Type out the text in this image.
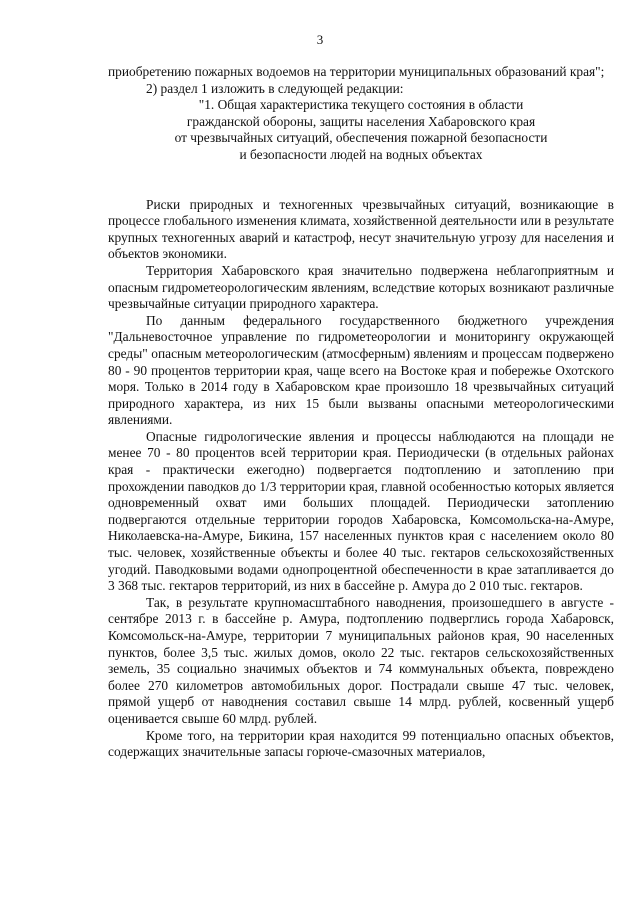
3

приобретению пожарных водоемов на территории муниципальных образований края";

2) раздел 1 изложить в следующей редакции:

"1. Общая характеристика текущего состояния в области
гражданской обороны, защиты населения Хабаровского края
от чрезвычайных ситуаций, обеспечения пожарной безопасности
и безопасности людей на водных объектах

Риски природных и техногенных чрезвычайных ситуаций, возникающие в процессе глобального изменения климата, хозяйственной деятельности или в результате крупных техногенных аварий и катастроф, несут значительную угрозу для населения и объектов экономики.

Территория Хабаровского края значительно подвержена неблагоприятным и опасным гидрометеорологическим явлениям, вследствие которых возникают различные чрезвычайные ситуации природного характера.

По данным федерального государственного бюджетного учреждения "Дальневосточное управление по гидрометеорологии и мониторингу окружающей среды" опасным метеорологическим (атмосферным) явлениям и процессам подвержено 80 - 90 процентов территории края, чаще всего на Востоке края и побережье Охотского моря. Только в 2014 году в Хабаровском крае произошло 18 чрезвычайных ситуаций природного характера, из них 15 были вызваны опасными метеорологическими явлениями.

Опасные гидрологические явления и процессы наблюдаются на площади не менее 70 - 80 процентов всей территории края. Периодически (в отдельных районах края - практически ежегодно) подвергается подтоплению и затоплению при прохождении паводков до 1/3 территории края, главной особенностью которых является одновременный охват ими больших площадей. Периодически затоплению подвергаются отдельные территории городов Хабаровска, Комсомольска-на-Амуре, Николаевска-на-Амуре, Бикина, 157 населенных пунктов края с населением около 80 тыс. человек, хозяйственные объекты и более 40 тыс. гектаров сельскохозяйственных угодий. Паводковыми водами однопроцентной обеспеченности в крае затапливается до 3 368 тыс. гектаров территорий, из них в бассейне р. Амура до 2 010 тыс. гектаров.

Так, в результате крупномасштабного наводнения, произошедшего в августе - сентябре 2013 г. в бассейне р. Амура, подтоплению подверглись города Хабаровск, Комсомольск-на-Амуре, территории 7 муниципальных районов края, 90 населенных пунктов, более 3,5 тыс. жилых домов, около 22 тыс. гектаров сельскохозяйственных земель, 35 социально значимых объектов и 74 коммунальных объекта, повреждено более 270 километров автомобильных дорог. Пострадали свыше 47 тыс. человек, прямой ущерб от наводнения составил свыше 14 млрд. рублей, косвенный ущерб оценивается свыше 60 млрд. рублей.

Кроме того, на территории края находится 99 потенциально опасных объектов, содержащих значительные запасы горюче-смазочных материалов,
